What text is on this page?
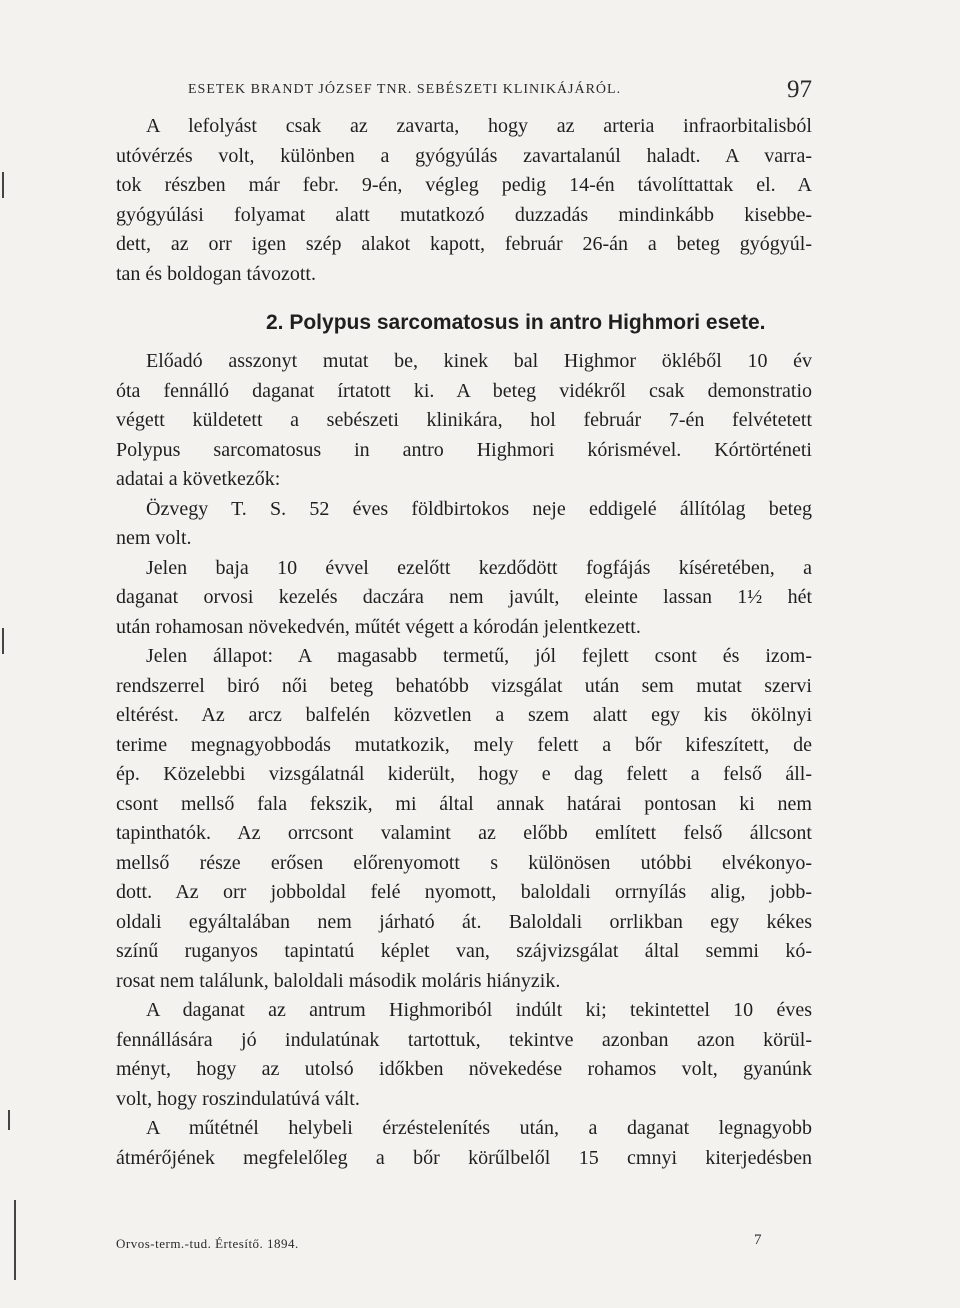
ESETEK BRANDT JÓZSEF TNR. SEBÉSZETI KLINIKÁJÁRÓL.	97
A lefolyást csak az zavarta, hogy az arteria infraorbitalisból
utóvérzés volt, különben a gyógyúlás zavartalanúl haladt. A varra-
tok részben már febr. 9-én, végleg pedig 14-én távolíttattak el. A
gyógyúlási folyamat alatt mutatkozó duzzadás mindinkább kisebbe-
dett, az orr igen szép alakot kapott, február 26-án a beteg gyógyúl-
tan és boldogan távozott.
2. Polypus sarcomatosus in antro Highmori esete.
Előadó asszonyt mutat be, kinek bal Highmor ökléből 10 év
óta fennálló daganat írtatott ki. A beteg vidékről csak demonstratio
végett küldetett a sebészeti klinikára, hol február 7-én felvétetett
Polypus sarcomatosus in antro Highmori kórismével. Kórtörténeti
adatai a következők:
Özvegy T. S. 52 éves földbirtokos neje eddigelé állítólag beteg
nem volt.
Jelen baja 10 évvel ezelőtt kezdődött fogfájás kíséretében, a
daganat orvosi kezelés daczára nem javúlt, eleinte lassan 1½ hét
után rohamosan növekedvén, műtét végett a kórodán jelentkezett.
Jelen állapot: A magasabb termetű, jól fejlett csont és izom-
rendszerrel biró női beteg behatóbb vizsgálat után sem mutat szervi
eltérést. Az arcz balfelén közvetlen a szem alatt egy kis ökölnyi
terime megnagyobbodás mutatkozik, mely felett a bőr kifeszített, de
ép. Közelebbi vizsgálatnál kiderült, hogy e dag felett a felső áll-
csont mellső fala fekszik, mi által annak határai pontosan ki nem
tapinthatók. Az orrcsont valamint az előbb említett felső állcsont
mellső része erősen előrenyomott s különösen utóbbi elvékonyo-
dott. Az orr jobboldal felé nyomott, baloldali orrnyílás alig, jobb-
oldali egyáltalában nem járható át. Baloldali orrlikban egy kékes
színű ruganyos tapintatú képlet van, szájvizsgálat által semmi kó-
rosat nem találunk, baloldali második moláris hiányzik.
A daganat az antrum Highmoriból indúlt ki; tekintettel 10 éves
fennállására jó indulatúnak tartottuk, tekintve azonban azon körül-
ményt, hogy az utolsó időkben növekedése rohamos volt, gyanúnk
volt, hogy roszindulatúvá vált.
A műtétnél helybeli érzéstelenítés után, a daganat legnagyobb
átmérőjének megfelelőleg a bőr körűlbelől 15 cmnyi kiterjedésben
Orvos-term.-tud. Értesítő. 1894.	7
